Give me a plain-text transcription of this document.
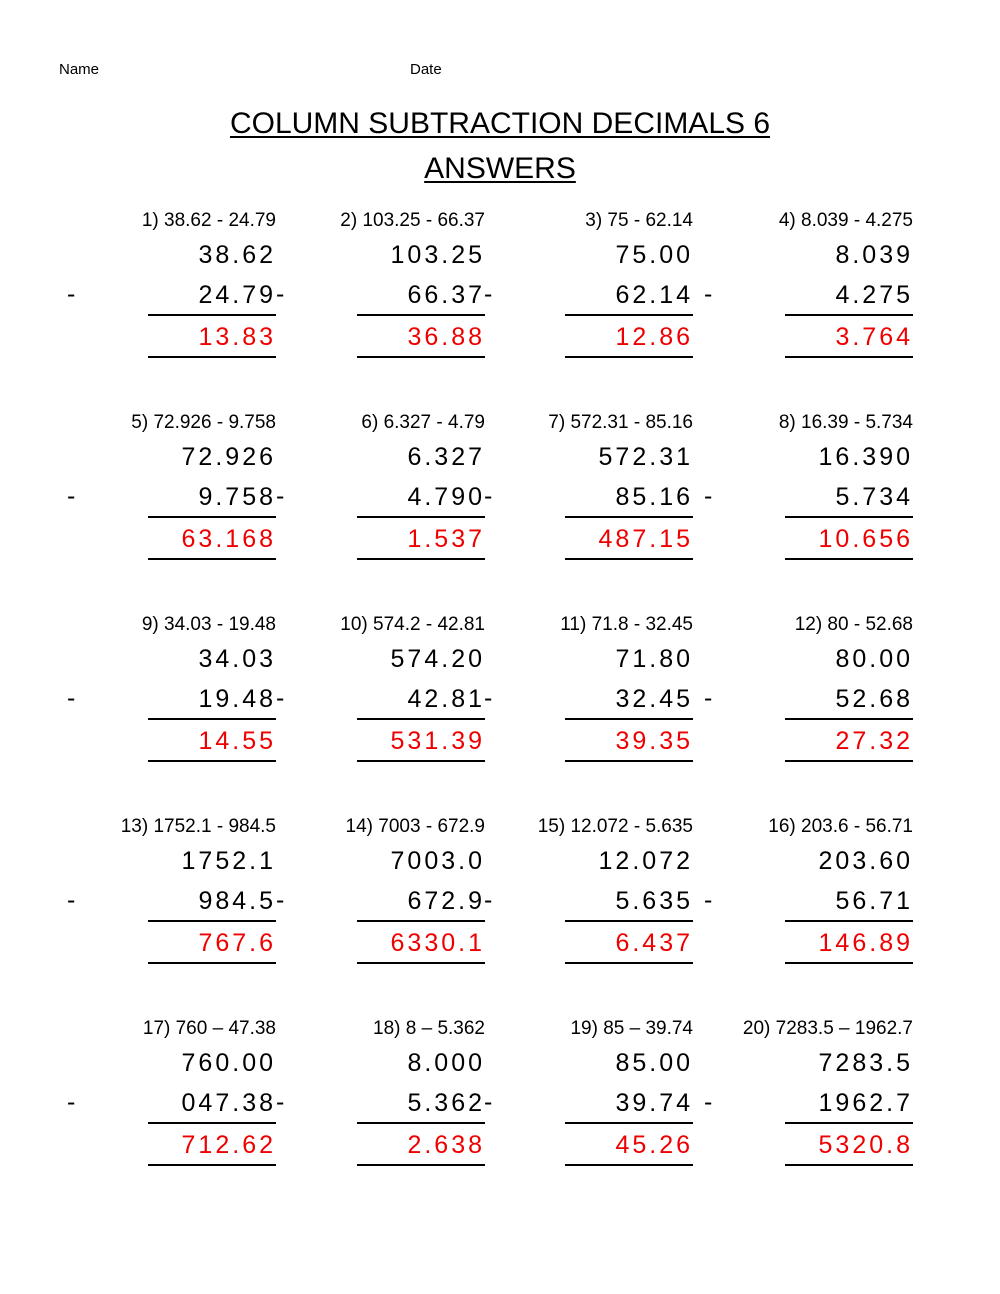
Name	Date
COLUMN SUBTRACTION DECIMALS 6
ANSWERS
1) 38.62 - 24.79
38.62
-	24.79
13.83
2) 103.25 - 66.37
103.25
-	66.37
36.88
3) 75 - 62.14
75.00
-	62.14
12.86
4) 8.039 - 4.275
8.039
-	4.275
3.764
5) 72.926 - 9.758
72.926
-	9.758
63.168
6) 6.327 - 4.79
6.327
-	4.790
1.537
7) 572.31 - 85.16
572.31
-	85.16
487.15
8) 16.39 - 5.734
16.390
-	5.734
10.656
9) 34.03 - 19.48
34.03
-	19.48
14.55
10) 574.2 - 42.81
574.20
-	42.81
531.39
11) 71.8 - 32.45
71.80
-	32.45
39.35
12) 80 - 52.68
80.00
-	52.68
27.32
13) 1752.1 - 984.5
1752.1
-	984.5
767.6
14) 7003 - 672.9
7003.0
-	672.9
6330.1
15) 12.072 - 5.635
12.072
-	5.635
6.437
16) 203.6 - 56.71
203.60
-	56.71
146.89
17) 760 – 47.38
760.00
-	047.38
712.62
18) 8 – 5.362
8.000
-	5.362
2.638
19) 85 – 39.74
85.00
-	39.74
45.26
20) 7283.5 – 1962.7
7283.5
-	1962.7
5320.8
